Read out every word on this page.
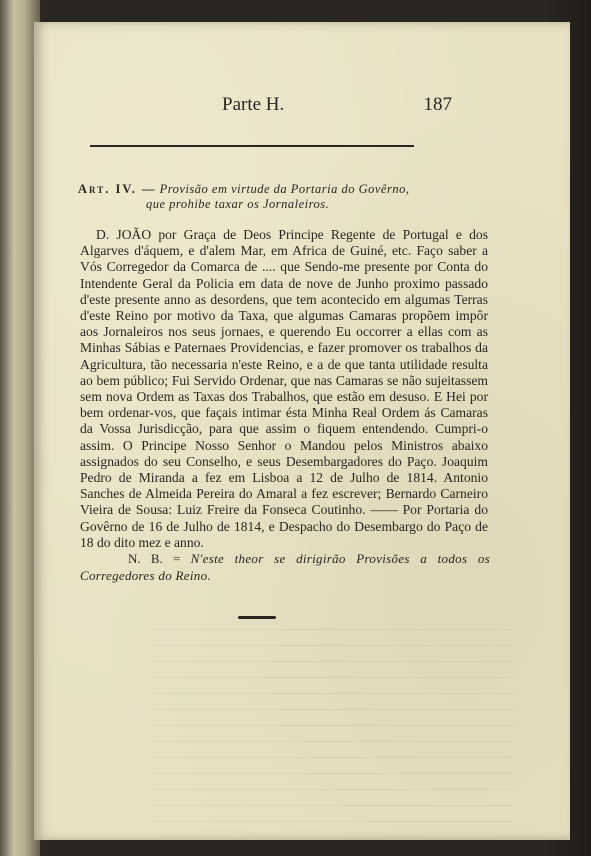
Parte H.	187
Art. IV. — Provisão em virtude da Portaria do Govêrno,
que prohibe taxar os Jornaleiros.
D. JOÃO por Graça de Deos Principe Regente de Portugal e dos Algarves d'áquem, e d'alem Mar, em Africa de Guiné, etc. Faço saber a Vós Corregedor da Comarca de .... que Sendo-me presente por Conta do Intendente Geral da Policia em data de nove de Junho proximo passado d'este presente anno as desordens, que tem acontecido em algumas Terras d'este Reino por motivo da Taxa, que algumas Camaras propõem impôr aos Jornaleiros nos seus jornaes, e querendo Eu occorrer a ellas com as Minhas Sábias e Paternaes Providencias, e fazer promover os trabalhos da Agricultura, tão necessaria n'este Reino, e a de que tanta utilidade resulta ao bem público; Fui Servido Ordenar, que nas Camaras se não sujeitassem sem nova Ordem as Taxas dos Trabalhos, que estão em desuso. E Hei por bem ordenar-vos, que façais intimar ésta Minha Real Ordem ás Camaras da Vossa Jurisdicção, para que assim o fiquem entendendo. Cumpri-o assim. O Principe Nosso Senhor o Mandou pelos Ministros abaixo assignados do seu Conselho, e seus Desembargadores do Paço. Joaquim Pedro de Miranda a fez em Lisboa a 12 de Julho de 1814. Antonio Sanches de Almeida Pereira do Amaral a fez escrever; Bernardo Carneiro Vieira de Sousa: Luiz Freire da Fonseca Coutinho. —— Por Portaria do Govêrno de 16 de Julho de 1814, e Despacho do Desembargo do Paço de 18 do dito mez e anno.
N. B. = N'este theor se dirigirão Provisões a todos os Corregedores do Reino.
